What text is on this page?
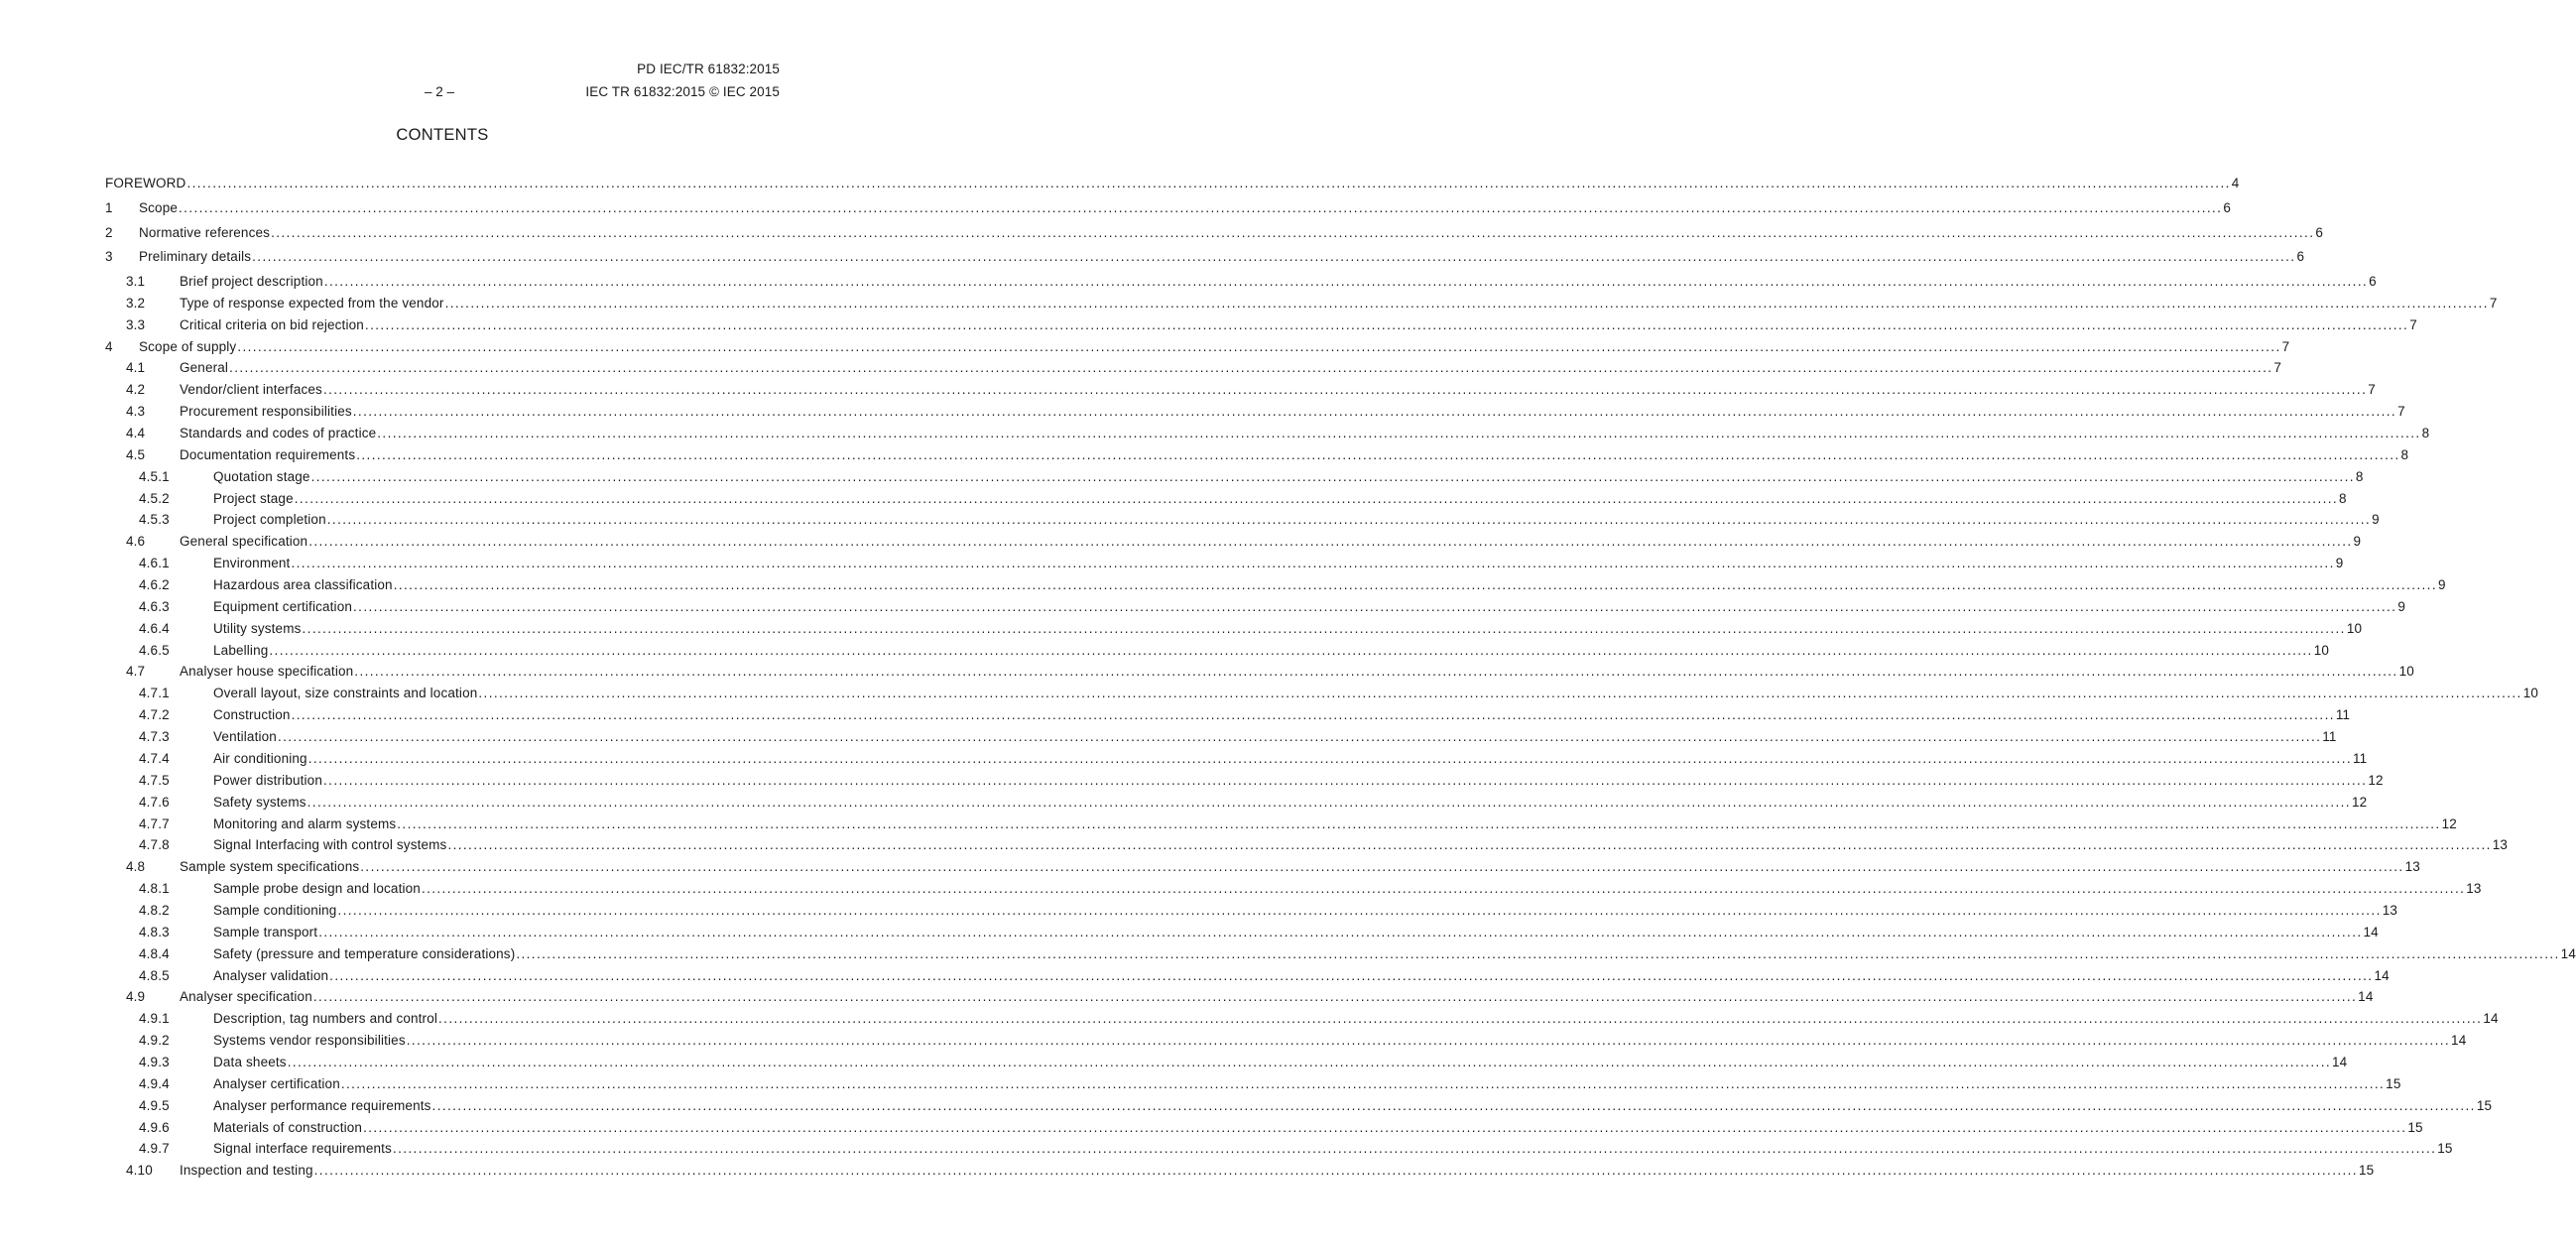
PD IEC/TR 61832:2015
– 2 –	IEC TR 61832:2015 © IEC 2015
CONTENTS
FOREWORD ................................................................................................................................................................................................................................................................................................................................................................................................................ 4
1	Scope ................................................................................................................................................................................................................................................................................................................................................................................................................ 6
2	Normative references ................................................................................................................................................................................................................................................................................................................................................................................................................ 6
3	Preliminary details ................................................................................................................................................................................................................................................................................................................................................................................................................ 6
3.1	Brief project description ................................................................................................................................................................................................................................................................................................................................................................................................................ 6
3.2	Type of response expected from the vendor ................................................................................................................................................................................................................................................................................................................................................................................................................ 7
3.3	Critical criteria on bid rejection ................................................................................................................................................................................................................................................................................................................................................................................................................ 7
4	Scope of supply ................................................................................................................................................................................................................................................................................................................................................................................................................ 7
4.1	General ................................................................................................................................................................................................................................................................................................................................................................................................................ 7
4.2	Vendor/client interfaces ................................................................................................................................................................................................................................................................................................................................................................................................................ 7
4.3	Procurement responsibilities ................................................................................................................................................................................................................................................................................................................................................................................................................ 7
4.4	Standards and codes of practice ................................................................................................................................................................................................................................................................................................................................................................................................................ 8
4.5	Documentation requirements ................................................................................................................................................................................................................................................................................................................................................................................................................ 8
4.5.1	Quotation stage ................................................................................................................................................................................................................................................................................................................................................................................................................ 8
4.5.2	Project stage ................................................................................................................................................................................................................................................................................................................................................................................................................ 8
4.5.3	Project completion ................................................................................................................................................................................................................................................................................................................................................................................................................ 9
4.6	General specification ................................................................................................................................................................................................................................................................................................................................................................................................................ 9
4.6.1	Environment ................................................................................................................................................................................................................................................................................................................................................................................................................ 9
4.6.2	Hazardous area classification ................................................................................................................................................................................................................................................................................................................................................................................................................ 9
4.6.3	Equipment certification ................................................................................................................................................................................................................................................................................................................................................................................................................ 9
4.6.4	Utility systems ................................................................................................................................................................................................................................................................................................................................................................................................................ 10
4.6.5	Labelling ................................................................................................................................................................................................................................................................................................................................................................................................................ 10
4.7	Analyser house specification ................................................................................................................................................................................................................................................................................................................................................................................................................ 10
4.7.1	Overall layout, size constraints and location ................................................................................................................................................................................................................................................................................................................................................................................................................ 10
4.7.2	Construction ................................................................................................................................................................................................................................................................................................................................................................................................................ 11
4.7.3	Ventilation ................................................................................................................................................................................................................................................................................................................................................................................................................ 11
4.7.4	Air conditioning ................................................................................................................................................................................................................................................................................................................................................................................................................ 11
4.7.5	Power distribution ................................................................................................................................................................................................................................................................................................................................................................................................................ 12
4.7.6	Safety systems ................................................................................................................................................................................................................................................................................................................................................................................................................ 12
4.7.7	Monitoring and alarm systems ................................................................................................................................................................................................................................................................................................................................................................................................................ 12
4.7.8	Signal Interfacing with control systems ................................................................................................................................................................................................................................................................................................................................................................................................................ 13
4.8	Sample system specifications ................................................................................................................................................................................................................................................................................................................................................................................................................ 13
4.8.1	Sample probe design and location ................................................................................................................................................................................................................................................................................................................................................................................................................ 13
4.8.2	Sample conditioning ................................................................................................................................................................................................................................................................................................................................................................................................................ 13
4.8.3	Sample transport ................................................................................................................................................................................................................................................................................................................................................................................................................ 14
4.8.4	Safety (pressure and temperature considerations) ................................................................................................................................................................................................................................................................................................................................................................................................................ 14
4.8.5	Analyser validation ................................................................................................................................................................................................................................................................................................................................................................................................................ 14
4.9	Analyser specification ................................................................................................................................................................................................................................................................................................................................................................................................................ 14
4.9.1	Description, tag numbers and control ................................................................................................................................................................................................................................................................................................................................................................................................................ 14
4.9.2	Systems vendor responsibilities ................................................................................................................................................................................................................................................................................................................................................................................................................ 14
4.9.3	Data sheets ................................................................................................................................................................................................................................................................................................................................................................................................................ 14
4.9.4	Analyser certification ................................................................................................................................................................................................................................................................................................................................................................................................................ 15
4.9.5	Analyser performance requirements ................................................................................................................................................................................................................................................................................................................................................................................................................ 15
4.9.6	Materials of construction ................................................................................................................................................................................................................................................................................................................................................................................................................ 15
4.9.7	Signal interface requirements ................................................................................................................................................................................................................................................................................................................................................................................................................ 15
4.10	Inspection and testing ................................................................................................................................................................................................................................................................................................................................................................................................................ 15
